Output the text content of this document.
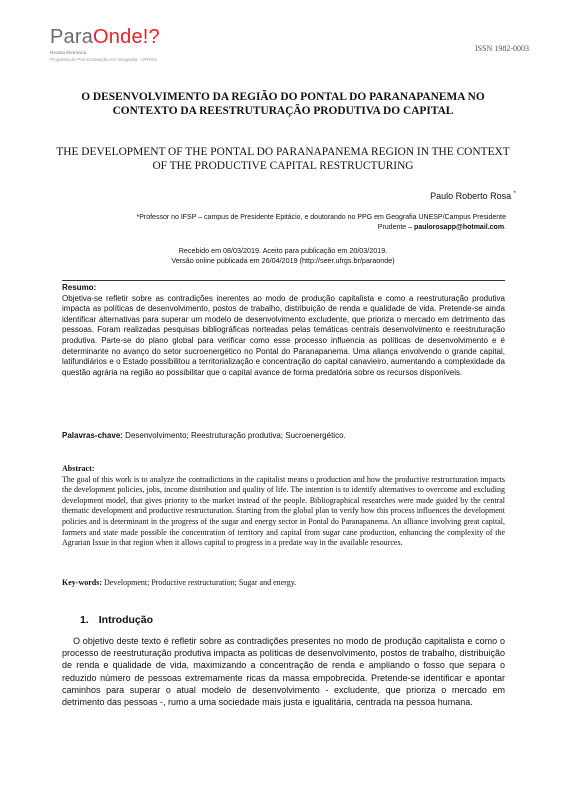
ParaOnde!?
Revista Eletrônica
Programa de Pós-Graduação em Geografia - UFRGS
ISSN 1982-0003
O DESENVOLVIMENTO DA REGIÃO DO PONTAL DO PARANAPANEMA NO CONTEXTO DA REESTRUTURAÇÃO PRODUTIVA DO CAPITAL
THE DEVELOPMENT OF THE PONTAL DO PARANAPANEMA REGION IN THE CONTEXT OF THE PRODUCTIVE CAPITAL RESTRUCTURING
Paulo Roberto Rosa *
*Professor no IFSP – campus de Presidente Epitácio, e doutorando no PPG em Geografia UNESP/Campus Presidente
Prudente – paulorosapp@hotmail.com.
Recebido em 08/03/2019. Aceito para publicação em 20/03/2019.
Versão online publicada em 26/04/2019 (http://seer.ufrgs.br/paraonde)
Resumo:

Objetiva-se refletir sobre as contradições inerentes ao modo de produção capitalista e como a reestruturação produtiva impacta as políticas de desenvolvimento, postos de trabalho, distribuição de renda e qualidade de vida. Pretende-se ainda identificar alternativas para superar um modelo de desenvolvimento excludente, que prioriza o mercado em detrimento das pessoas. Foram realizadas pesquisas bibliográficas norteadas pelas temáticas centrais desenvolvimento e reestruturação produtiva. Parte-se do plano global para verificar como esse processo influencia as políticas de desenvolvimento e é determinante no avanço do setor sucroenergético no Pontal do Paranapanema. Uma aliança envolvendo o grande capital, latifundiários e o Estado possibilitou a territorialização e concentração do capital canavieiro, aumentando a complexidade da questão agrária na região ao possibilitar que o capital avance de forma predatória sobre os recursos disponíveis.

Palavras-chave: Desenvolvimento; Reestruturação produtiva; Sucroenergético.

Abstract:

The goal of this work is to analyze the contradictions in the capitalist means o production and how the productive restructuration impacts the development policies, jobs, income distribution and quality of life. The intention is to identify alternatives to overcome and excluding development model, that gives priority to the market instead of the people. Bibliographical researches were made guided by the central thematic development and productive restructuration. Starting from the global plan to verify how this process influences the development policies and is determinant in the progress of the sugar and energy sector in Pontal do Paranapanema. An alliance involving great capital, farmers and state made possible the concentration of territory and capital from sugar cane production, enhancing the complexity of the Agrarian Issue in that region when it allows capital to progress in a predate way in the available resources.

Key-words: Development; Productive restructuration; Sugar and energy.

1. Introdução

O objetivo deste texto é refletir sobre as contradições presentes no modo de produção capitalista e como o processo de reestruturação produtiva impacta as políticas de desenvolvimento, postos de trabalho, distribuição de renda e qualidade de vida, maximizando a concentração de renda e ampliando o fosso que separa o reduzido número de pessoas extremamente ricas da massa empobrecida. Pretende-se identificar e apontar caminhos para superar o atual modelo de desenvolvimento - excludente, que prioriza o mercado em detrimento das pessoas -, rumo a uma sociedade mais justa e igualitária, centrada na pessoa humana.
